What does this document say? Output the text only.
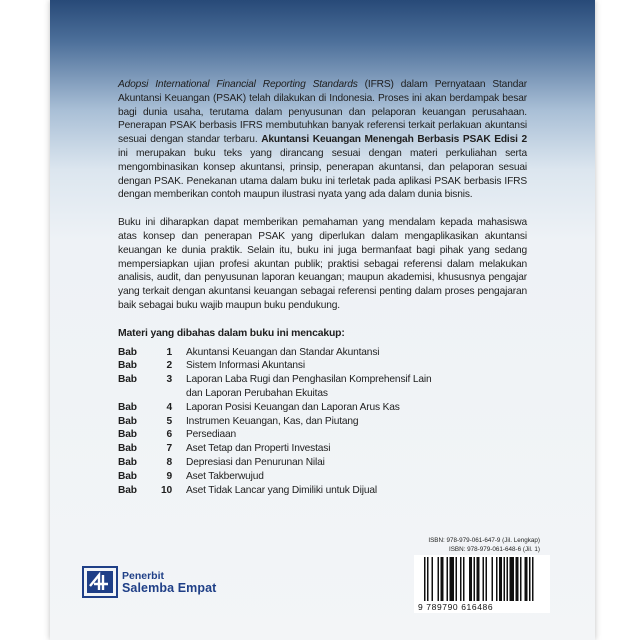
Adopsi International Financial Reporting Standards (IFRS) dalam Pernyataan Standar Akuntansi Keuangan (PSAK) telah dilakukan di Indonesia. Proses ini akan berdampak besar bagi dunia usaha, terutama dalam penyusunan dan pelaporan keuangan perusahaan. Penerapan PSAK berbasis IFRS membutuhkan banyak referensi terkait perlakuan akuntansi sesuai dengan standar terbaru. Akuntansi Keuangan Menengah Berbasis PSAK Edisi 2 ini merupakan buku teks yang dirancang sesuai dengan materi perkuliahan serta mengombinasikan konsep akuntansi, prinsip, penerapan akuntansi, dan pelaporan sesuai dengan PSAK. Penekanan utama dalam buku ini terletak pada aplikasi PSAK berbasis IFRS dengan memberikan contoh maupun ilustrasi nyata yang ada dalam dunia bisnis.

Buku ini diharapkan dapat memberikan pemahaman yang mendalam kepada mahasiswa atas konsep dan penerapan PSAK yang diperlukan dalam mengaplikasikan akuntansi keuangan ke dunia praktik. Selain itu, buku ini juga bermanfaat bagi pihak yang sedang mempersiapkan ujian profesi akuntan publik; praktisi sebagai referensi dalam melakukan analisis, audit, dan penyusunan laporan keuangan; maupun akademisi, khususnya pengajar yang terkait dengan akuntansi keuangan sebagai referensi penting dalam proses pengajaran baik sebagai buku wajib maupun buku pendukung.

Materi yang dibahas dalam buku ini mencakup:

Bab	1	Akuntansi Keuangan dan Standar Akuntansi
Bab	2	Sistem Informasi Akuntansi
Bab	3	Laporan Laba Rugi dan Penghasilan Komprehensif Lain
dan Laporan Perubahan Ekuitas
Bab	4	Laporan Posisi Keuangan dan Laporan Arus Kas
Bab	5	Instrumen Keuangan, Kas, dan Piutang
Bab	6	Persediaan
Bab	7	Aset Tetap dan Properti Investasi
Bab	8	Depresiasi dan Penurunan Nilai
Bab	9	Aset Takberwujud
Bab	10	Aset Tidak Lancar yang Dimiliki untuk Dijual
Penerbit
Salemba Empat
ISBN: 978-979-061-647-9 (Jil. Lengkap)
ISBN: 978-979-061-648-6 (Jil. 1)
9 789790 616486
